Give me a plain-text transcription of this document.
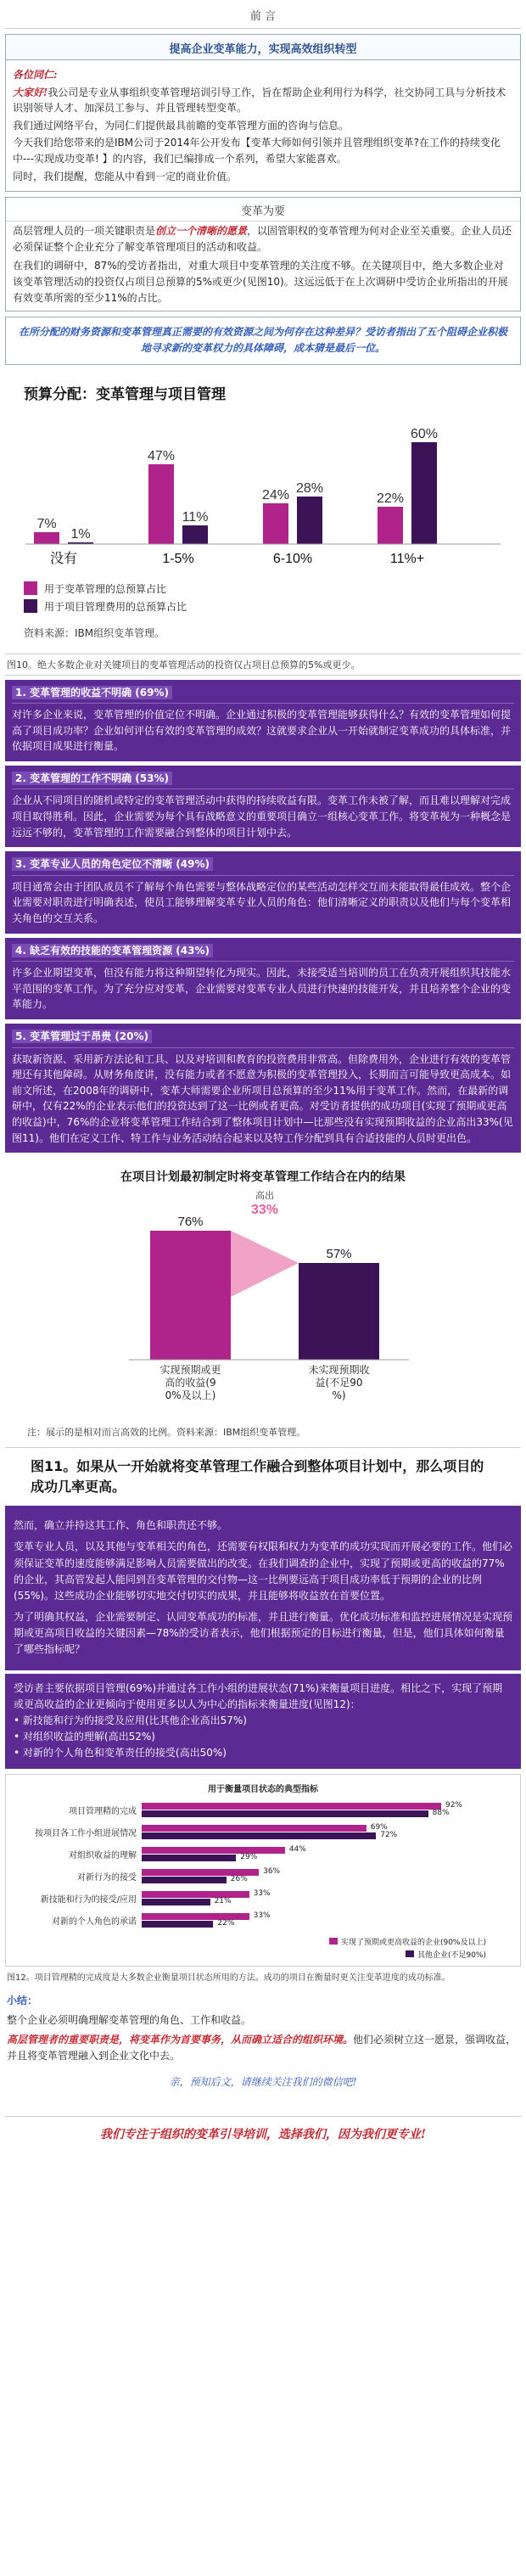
前 言
提高企业变革能力，实现高效组织转型

各位同仁:

大家好!我公司是专业从事组织变革管理培训引导工作，旨在帮助企业利用行为科学，社交协同工具与分析技术识别领导人才、加深员工参与、并且管理转型变革。

我们通过网络平台，为同仁们提供最具前瞻的变革管理方面的咨询与信息。

今天我们给您带来的是IBM公司于2014年公开发布【变革大师如何引领并且管理组织变革?在工作的持续变化中---实现成功变革! 】的内容，我们已编排成一个系列，希望大家能喜欢。

同时，我们提醒，您能从中看到一定的商业价值。

变革为要

高层管理人员的一项关键职责是创立一个清晰的愿景，以固管职权的变革管理为何对企业至关重要。企业人员还必须保证整个企业充分了解变革管理项目的活动和收益。

在我们的调研中，87%的受访者指出，对重大项目中变革管理的关注度不够。在关键项目中，绝大多数企业对该变革管理活动的投资仅占项目总预算的5%或更少(见图10)。这远远低于在上次调研中受访企业所指出的开展有效变革所需的至少11%的占比。

在所分配的财务资源和变革管理真正需要的有效资源之间为何存在这种差异？受访者指出了五个阻碍企业积极地寻求新的变革权力的具体障碍，成本猜是最后一位。
预算分配：变革管理与项目管理
7%
1%
没有
47%
11%
1-5%
24% 28%
6-10%
22%
60%
11%+
用于变革管理的总预算占比
用于项目管理费用的总预算占比
资料来源：IBM组织变革管理。
图10。绝大多数企业对关键项目的变革管理活动的投资仅占项目总预算的5%或更少。
1. 变革管理的收益不明确 (69%)
对许多企业来说，变革管理的价值定位不明确。企业通过积极的变革管理能够获得什么？有效的变革管理如何提高了项目成功率？企业如何评估有效的变革管理的成效？这就要求企业从一开始就制定变革成功的具体标准，并依据项目成果进行衡量。
2. 变革管理的工作不明确 (53%)
企业从不同项目的随机或特定的变革管理活动中获得的持续收益有限。变革工作未被了解，而且难以理解对完成项目取得胜利。因此，企业需要为每个具有战略意义的重要项目确立一组核心变革工作。将变革视为一种概念是远远不够的，变革管理的工作需要融合到整体的项目计划中去。
3. 变革专业人员的角色定位不清晰 (49%)
项目通常会由于团队成员不了解每个角色需要与整体战略定位的某些活动怎样交互而未能取得最佳成效。整个企业需要对职责进行明确表述，使员工能够理解变革专业人员的角色：他们清晰定义的职责以及他们与每个变革相关角色的交互关系。
4. 缺乏有效的技能的变革管理资源 (43%)
许多企业期望变革，但没有能力将这种期望转化为现实。因此，未接受适当培训的员工在负责开展组织其技能水平范围的变革工作。为了充分应对变革，企业需要对变革专业人员进行快速的技能开发，并且培养整个企业的变革能力。
5. 变革管理过于昂贵 (20%)
获取新资源、采用新方法论和工具、以及对培训和教育的投资费用非常高。但除费用外，企业进行有效的变革管理还有其他障碍。从财务角度讲，没有能力或者不愿意为积极的变革管理投入，长期而言可能导致更高成本。如前文所述，在2008年的调研中，变革大师需要企业所项目总预算的至少11%用于变革工作。然而，在最新的调研中，仅有22%的企业表示他们的投资达到了这一比例或者更高。对受访者提供的成功项目(实现了预期或更高的收益)中，76%的企业将变革管理工作结合到了整体项目计划中—比那些没有实现预期收益的企业高出33%(见图11)。他们在定义工作、特工作与业务活动结合起来以及特工作分配到具有合适技能的人员时更出色。
在项目计划最初制定时将变革管理工作结合在内的结果
76%
57%
高出
33%
实现预期或更高的收益(9 0%及以上)
未实现预期收益(不足90 %)
注：展示的是相对而言高效的比例。资料来源：IBM组织变革管理。
图11。如果从一开始就将变革管理工作融合到整体项目计划中，那么项目的成功几率更高。

然而，确立并持这其工作、角色和职责还不够。

变革专业人员，以及其他与变革相关的角色，还需要有权限和权力为变革的成功实现而开展必要的工作。他们必须保证变革的速度能够满足影响人员需要做出的改变。在我们调查的企业中，实现了预期或更高的收益的77%的企业，其高管发起人能同到吾变革管理的交付物—这一比例要远高于项目成功率低于预期的企业的比例(55%)。这些成功企业能够切实地交付切实的成果，并且能够将收益放在首要位置。

为了明确其权益，企业需要制定、认同变革成功的标准，并且进行衡量。优化成功标准和监控进展情况是实现预期或更高项目收益的关键因素—78%的受访者表示，他们根据预定的目标进行衡量，但是，他们具体如何衡量了哪些指标呢？

受访者主要依据项目管理(69%)并通过各工作小组的进展状态(71%)来衡量项目进度。相比之下，实现了预期或更高收益的企业更倾向于使用更多以人为中心的指标来衡量进度(见图12)：
• 新技能和行为的接受及应用(比其他企业高出57%)
• 对组织收益的理解(高出52%)
• 对新的个人角色和变革责任的接受(高出50%)
用于衡量项目状态的典型指标
项目管理精的完成
92%
88%
按项目各工作小组进展情况
69%
72%
对组织收益的理解
44%
29%
对新行为的接受
36%
26%
新技能和行为的接受/应用
33%
21%
对新的个人角色的承诺
33%
22%
实现了预期或更高收益的企业(90%及以上)
其他企业(不足90%)
图12。项目管理精的完成度是大多数企业衡量项目状态所用的方法。成功的项目在衡量时更关注变革进度的成功标准。
小结：

整个企业必须明确理解变革管理的角色、工作和收益。

高层管理者的重要职责是，将变革作为首要事务，从而确立适合的组织环境。他们必须树立这一愿景，强调收益，并且将变革管理融入到企业文化中去。

亲，预知后文，请继续关注我们的微信吧!
我们专注于组织的变革引导培训，选择我们，因为我们更专业!
